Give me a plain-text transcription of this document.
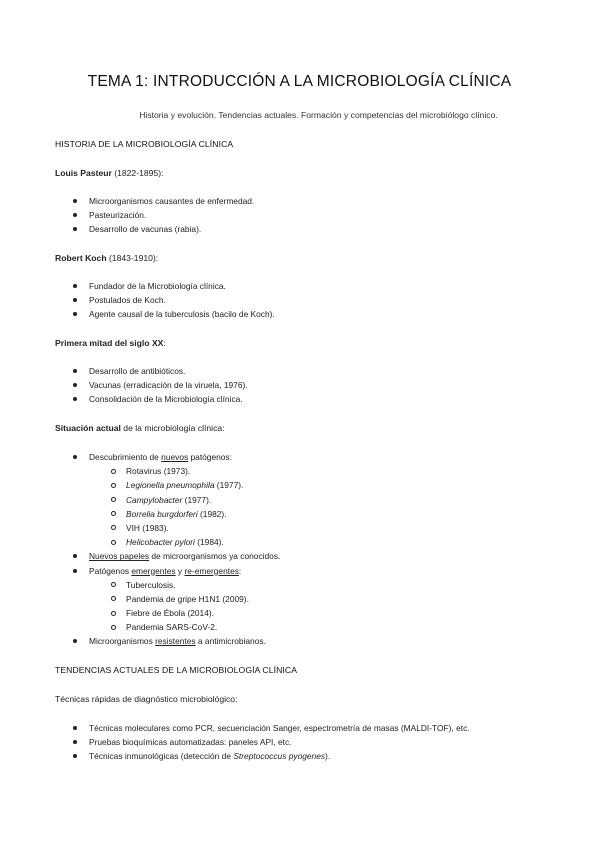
TEMA 1: INTRODUCCIÓN A LA MICROBIOLOGÍA CLÍNICA
Historia y evolución. Tendencias actuales. Formación y competencias del microbiólogo clínico.
HISTORIA DE LA MICROBIOLOGÍA CLÍNICA
Louis Pasteur (1822-1895):
Microorganismos causantes de enfermedad.
Pasteurización.
Desarrollo de vacunas (rabia).
Robert Koch (1843-1910):
Fundador de la Microbiología clínica.
Postulados de Koch.
Agente causal de la tuberculosis (bacilo de Koch).
Primera mitad del siglo XX:
Desarrollo de antibióticos.
Vacunas (erradicación de la viruela, 1976).
Consolidación de la Microbiología clínica.
Situación actual de la microbiología clínica:
Descubrimiento de nuevos patógenos:
Rotavirus (1973).
Legionella pneumophila (1977).
Campylobacter (1977).
Borrelia burgdorferi (1982).
VIH (1983).
Helicobacter pylori (1984).
Nuevos papeles de microorganismos ya conocidos.
Patógenos emergentes y re-emergentes:
Tuberculosis.
Pandemia de gripe H1N1 (2009).
Fiebre de Ébola (2014).
Pandemia SARS-CoV-2.
Microorganismos resistentes a antimicrobianos.
TENDENCIAS ACTUALES DE LA MICROBIOLOGÍA CLÍNICA
Técnicas rápidas de diagnóstico microbiológico:
Técnicas moleculares como PCR, secuenciación Sanger, espectrometría de masas (MALDI-TOF), etc.
Pruebas bioquímicas automatizadas: paneles API, etc.
Técnicas inmunológicas (detección de Streptococcus pyogenes).
